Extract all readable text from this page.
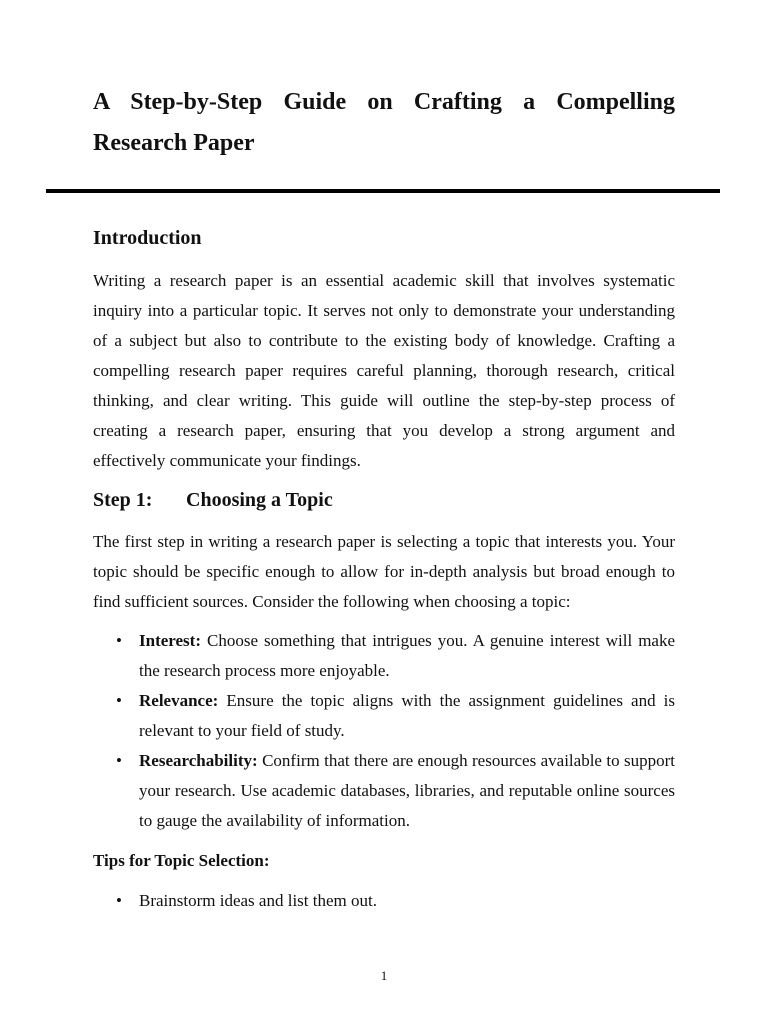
A Step-by-Step Guide on Crafting a Compelling Research Paper
Introduction

Writing a research paper is an essential academic skill that involves systematic inquiry into a particular topic. It serves not only to demonstrate your understanding of a subject but also to contribute to the existing body of knowledge. Crafting a compelling research paper requires careful planning, thorough research, critical thinking, and clear writing. This guide will outline the step-by-step process of creating a research paper, ensuring that you develop a strong argument and effectively communicate your findings.

Step 1: Choosing a Topic

The first step in writing a research paper is selecting a topic that interests you. Your topic should be specific enough to allow for in-depth analysis but broad enough to find sufficient sources. Consider the following when choosing a topic:

• Interest: Choose something that intrigues you. A genuine interest will make the research process more enjoyable.
• Relevance: Ensure the topic aligns with the assignment guidelines and is relevant to your field of study.
• Researchability: Confirm that there are enough resources available to support your research. Use academic databases, libraries, and reputable online sources to gauge the availability of information.
Tips for Topic Selection:
• Brainstorm ideas and list them out.
1
